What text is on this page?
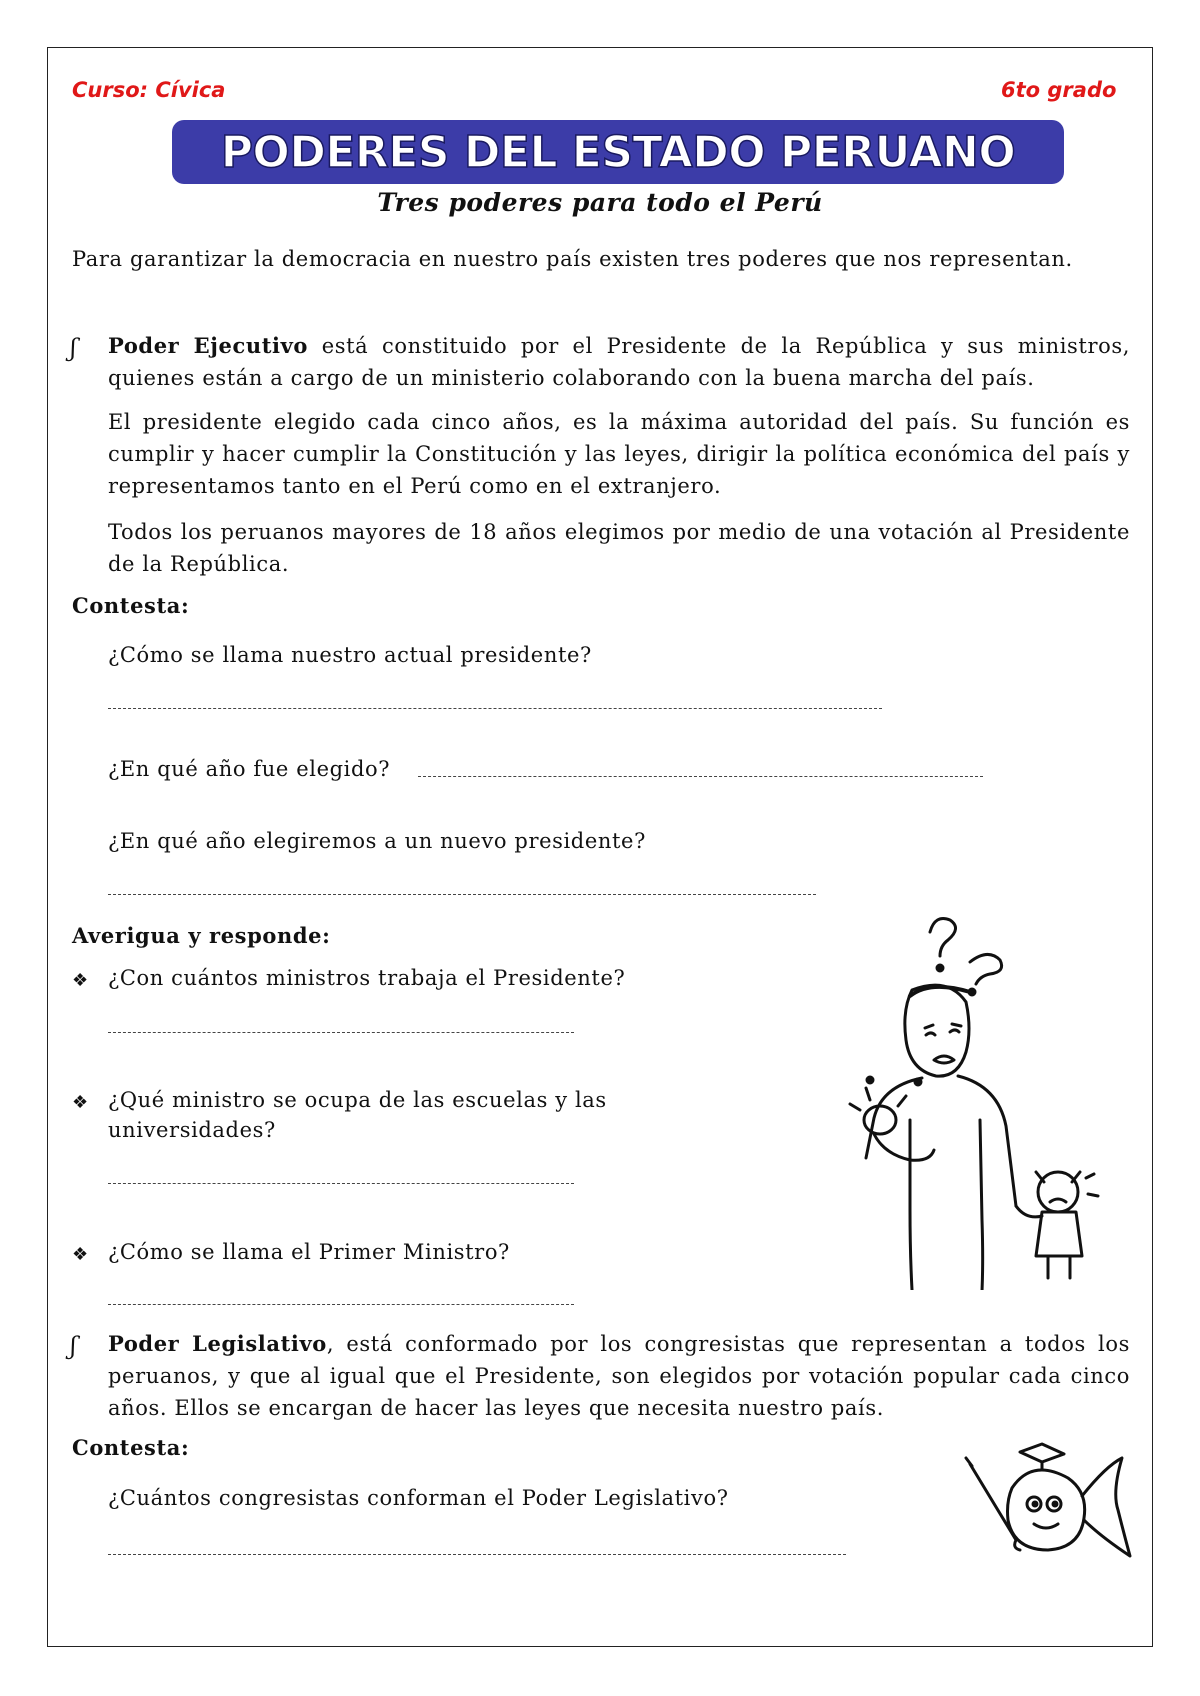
Curso: Cívica	6to grado
PODERES DEL ESTADO PERUANO
Tres poderes para todo el Perú

Para garantizar la democracia en nuestro país existen tres poderes que nos representan.

ʃ Poder Ejecutivo está constituido por el Presidente de la República y sus ministros, quienes están a cargo de un ministerio colaborando con la buena marcha del país.

El presidente elegido cada cinco años, es la máxima autoridad del país. Su función es cumplir y hacer cumplir la Constitución y las leyes, dirigir la política económica del país y representamos tanto en el Perú como en el extranjero.

Todos los peruanos mayores de 18 años elegimos por medio de una votación al Presidente de la República.

Contesta:
¿Cómo se llama nuestro actual presidente?
¿En qué año fue elegido?
¿En qué año elegiremos a un nuevo presidente?
Averigua y responde:
❖ ¿Con cuántos ministros trabaja el Presidente?
❖ ¿Qué ministro se ocupa de las escuelas y las
universidades?
❖ ¿Cómo se llama el Primer Ministro?
ʃ Poder Legislativo, está conformado por los congresistas que representan a todos los peruanos, y que al igual que el Presidente, son elegidos por votación popular cada cinco años. Ellos se encargan de hacer las leyes que necesita nuestro país.

Contesta:
¿Cuántos congresistas conforman el Poder Legislativo?
